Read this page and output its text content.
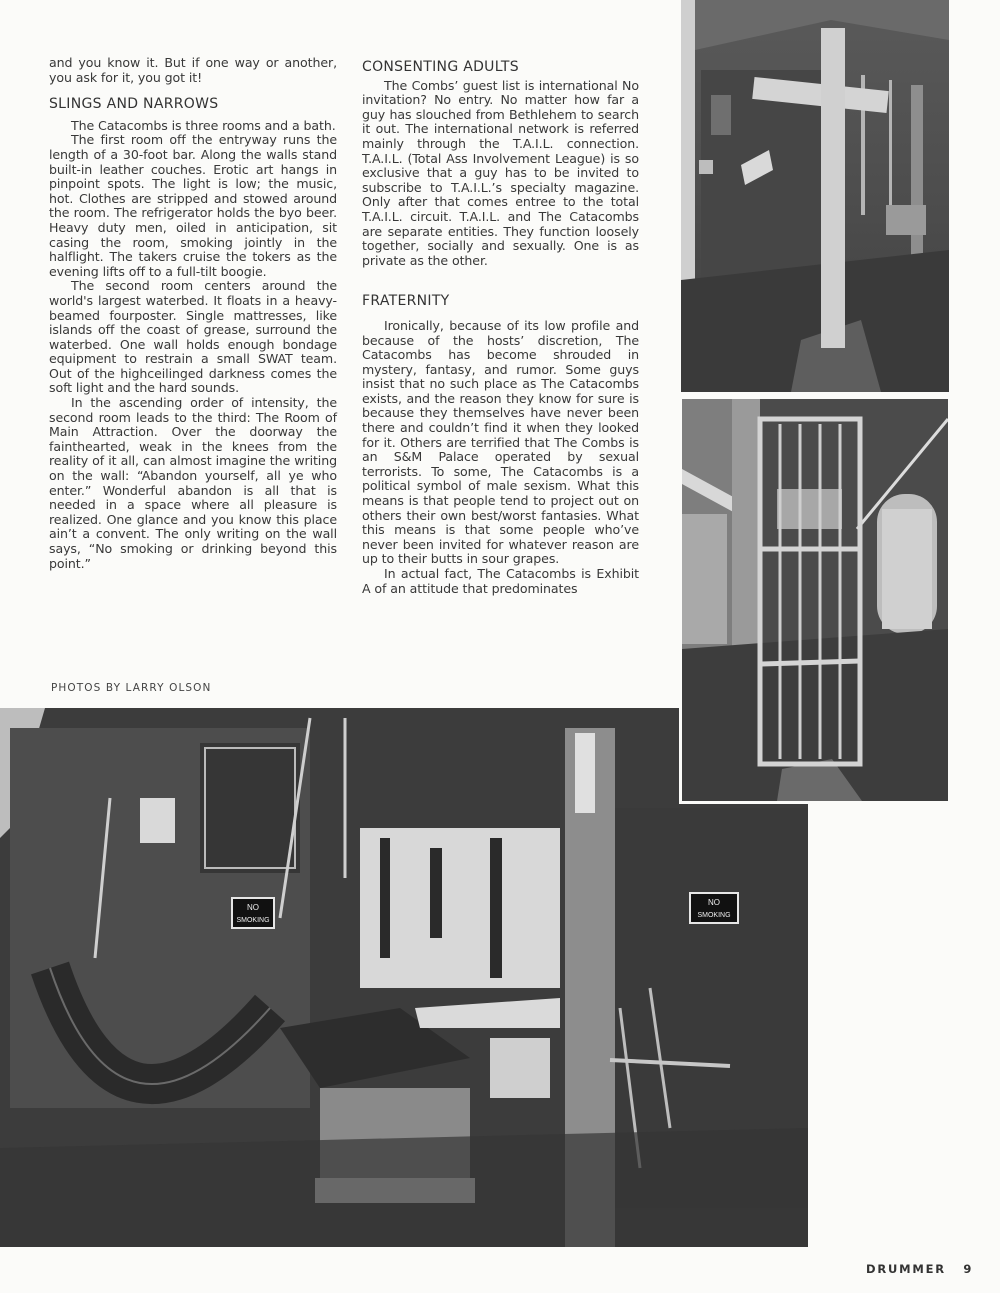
and you know it. But if one way or another, you ask for it, you got it!

SLINGS AND NARROWS

The Catacombs is three rooms and a bath.

The first room off the entryway runs the length of a 30-foot bar. Along the walls stand built-in leather couches. Erotic art hangs in pinpoint spots. The light is low; the music, hot. Clothes are stripped and stowed around the room. The refrigerator holds the byo beer. Heavy duty men, oiled in anticipation, sit casing the room, smoking jointly in the halflight. The takers cruise the tokers as the evening lifts off to a full-tilt boogie.

The second room centers around the world's largest waterbed. It floats in a heavy-beamed fourposter. Single mattresses, like islands off the coast of grease, surround the waterbed. One wall holds enough bondage equipment to restrain a small SWAT team. Out of the highceilinged darkness comes the soft light and the hard sounds.

In the ascending order of intensity, the second room leads to the third: The Room of Main Attraction. Over the doorway the fainthearted, weak in the knees from the reality of it all, can almost imagine the writing on the wall: “Abandon yourself, all ye who enter.” Wonderful abandon is all that is needed in a space where all pleasure is realized. One glance and you know this place ain’t a convent. The only writing on the wall says, “No smoking or drinking beyond this point.”

CONSENTING ADULTS

The Combs’ guest list is international No invitation? No entry. No matter how far a guy has slouched from Bethlehem to search it out. The international network is referred mainly through the T.A.I.L. connection. T.A.I.L. (Total Ass Involvement League) is so exclusive that a guy has to be invited to subscribe to T.A.I.L.’s specialty magazine. Only after that comes entree to the total T.A.I.L. circuit. T.A.I.L. and The Catacombs are separate entities. They function loosely together, socially and sexually. One is as private as the other.

FRATERNITY

Ironically, because of its low profile and because of the hosts’ discretion, The Catacombs has become shrouded in mystery, fantasy, and rumor. Some guys insist that no such place as The Catacombs exists, and the reason they know for sure is because they themselves have never been there and couldn’t find it when they looked for it. Others are terrified that The Combs is an S&M Palace operated by sexual terrorists. To some, The Catacombs is a political symbol of male sexism. What this means is that people tend to project out on others their own best/worst fantasies. What this means is that some people who’ve never been invited for whatever reason are up to their butts in sour grapes.

In actual fact, The Catacombs is Exhibit A of an attitude that predominates

PHOTOS BY LARRY OLSON
NO
SMOKING
NO
SMOKING
DRUMMER 9
